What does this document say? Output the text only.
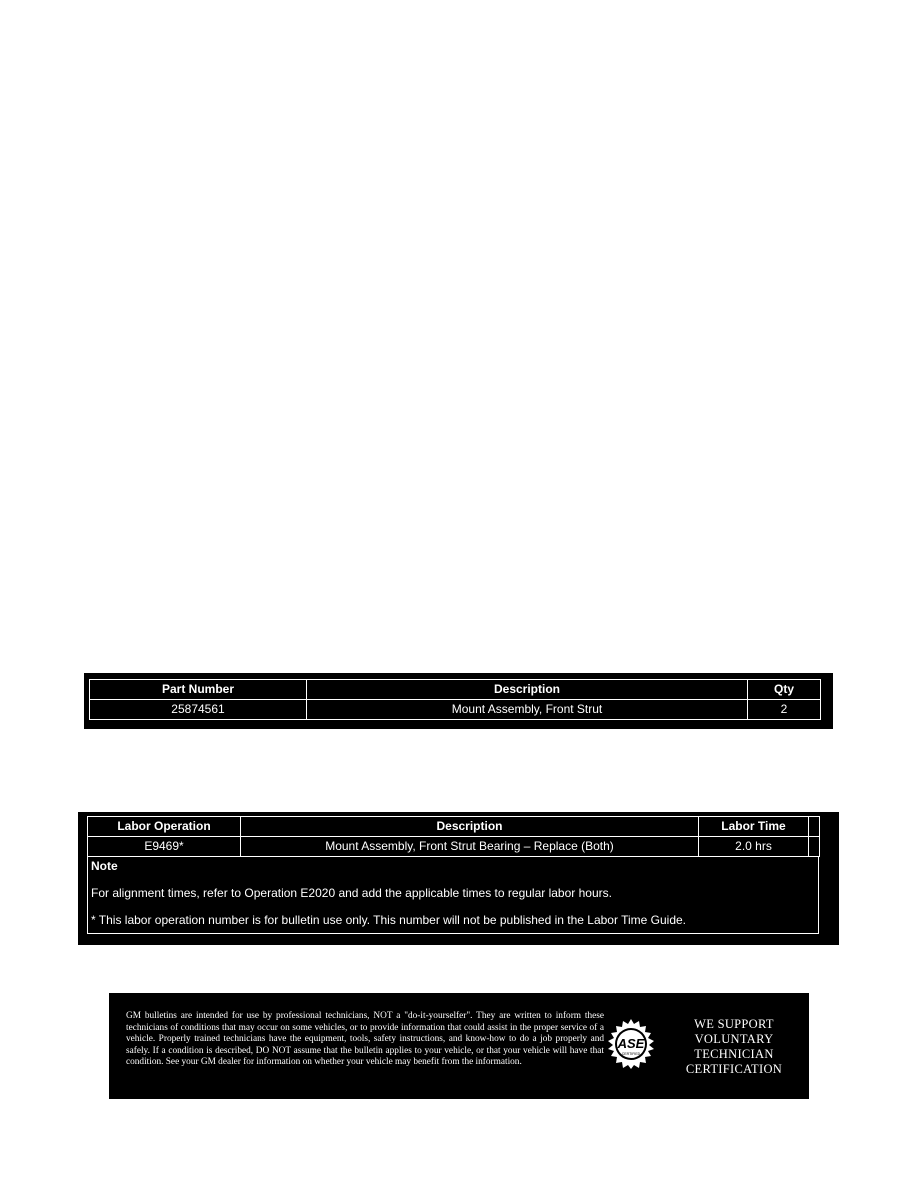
Part Number	Description	Qty
25874561	Mount Assembly, Front Strut	2
Labor Operation	Description	Labor Time	
E9469*	Mount Assembly, Front Strut Bearing – Replace (Both)	2.0 hrs	
Note
For alignment times, refer to Operation E2020 and add the applicable times to regular labor hours.
* This labor operation number is for bulletin use only. This number will not be published in the Labor Time Guide.
GM bulletins are intended for use by professional technicians, NOT a "do-it-yourselfer". They are written to inform these technicians of conditions that may occur on some vehicles, or to provide information that could assist in the proper service of a vehicle. Properly trained technicians have the equipment, tools, safety instructions, and know-how to do a job properly and safely. If a condition is described, DO NOT assume that the bulletin applies to your vehicle, or that your vehicle will have that condition. See your GM dealer for information on whether your vehicle may benefit from the information.
ASE
CERTIFIED
WE SUPPORT
VOLUNTARY
TECHNICIAN
CERTIFICATION
